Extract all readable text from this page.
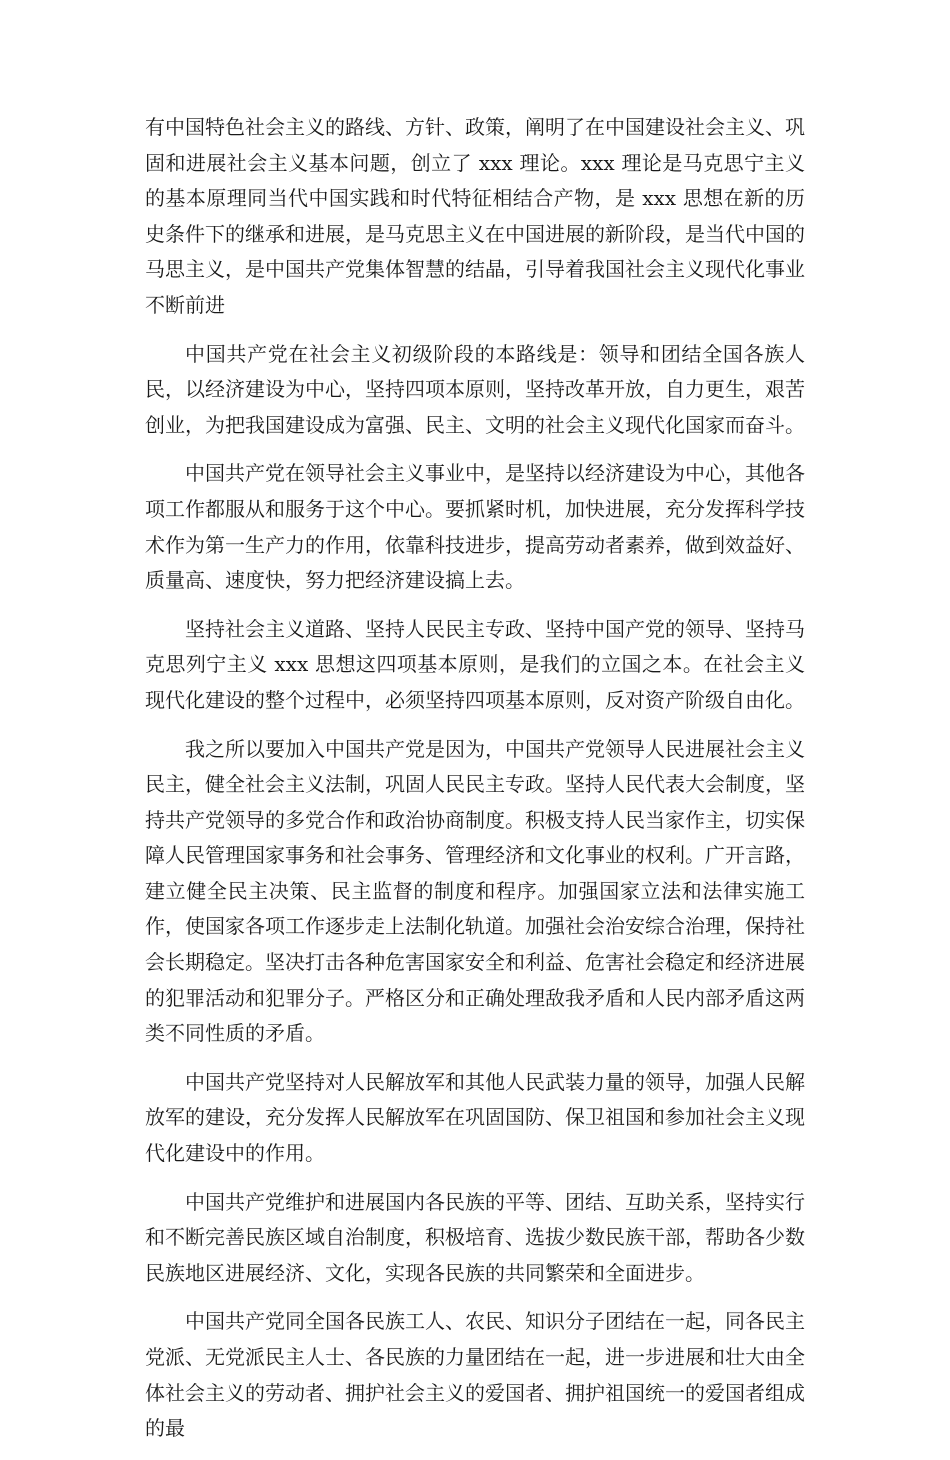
有中国特色社会主义的路线、方针、政策，阐明了在中国建设社会主义、巩固和进展社会主义基本问题，创立了 xxx 理论。xxx 理论是马克思宁主义的基本原理同当代中国实践和时代特征相结合产物，是 xxx 思想在新的历史条件下的继承和进展，是马克思主义在中国进展的新阶段，是当代中国的马思主义，是中国共产党集体智慧的结晶，引导着我国社会主义现代化事业不断前进

中国共产党在社会主义初级阶段的本路线是：领导和团结全国各族人民，以经济建设为中心，坚持四项本原则，坚持改革开放，自力更生，艰苦创业，为把我国建设成为富强、民主、文明的社会主义现代化国家而奋斗。

中国共产党在领导社会主义事业中，是坚持以经济建设为中心，其他各项工作都服从和服务于这个中心。要抓紧时机，加快进展，充分发挥科学技术作为第一生产力的作用，依靠科技进步，提高劳动者素养，做到效益好、质量高、速度快，努力把经济建设搞上去。

坚持社会主义道路、坚持人民民主专政、坚持中国产党的领导、坚持马克思列宁主义 xxx 思想这四项基本原则，是我们的立国之本。在社会主义现代化建设的整个过程中，必须坚持四项基本原则，反对资产阶级自由化。

我之所以要加入中国共产党是因为，中国共产党领导人民进展社会主义民主，健全社会主义法制，巩固人民民主专政。坚持人民代表大会制度，坚持共产党领导的多党合作和政治协商制度。积极支持人民当家作主，切实保障人民管理国家事务和社会事务、管理经济和文化事业的权利。广开言路，建立健全民主决策、民主监督的制度和程序。加强国家立法和法律实施工作，使国家各项工作逐步走上法制化轨道。加强社会治安综合治理，保持社会长期稳定。坚决打击各种危害国家安全和利益、危害社会稳定和经济进展的犯罪活动和犯罪分子。严格区分和正确处理敌我矛盾和人民内部矛盾这两类不同性质的矛盾。

中国共产党坚持对人民解放军和其他人民武装力量的领导，加强人民解放军的建设，充分发挥人民解放军在巩固国防、保卫祖国和参加社会主义现代化建设中的作用。

中国共产党维护和进展国内各民族的平等、团结、互助关系，坚持实行和不断完善民族区域自治制度，积极培育、选拔少数民族干部，帮助各少数民族地区进展经济、文化，实现各民族的共同繁荣和全面进步。

中国共产党同全国各民族工人、农民、知识分子团结在一起，同各民主党派、无党派民主人士、各民族的力量团结在一起，进一步进展和壮大由全体社会主义的劳动者、拥护社会主义的爱国者、拥护祖国统一的爱国者组成的最
